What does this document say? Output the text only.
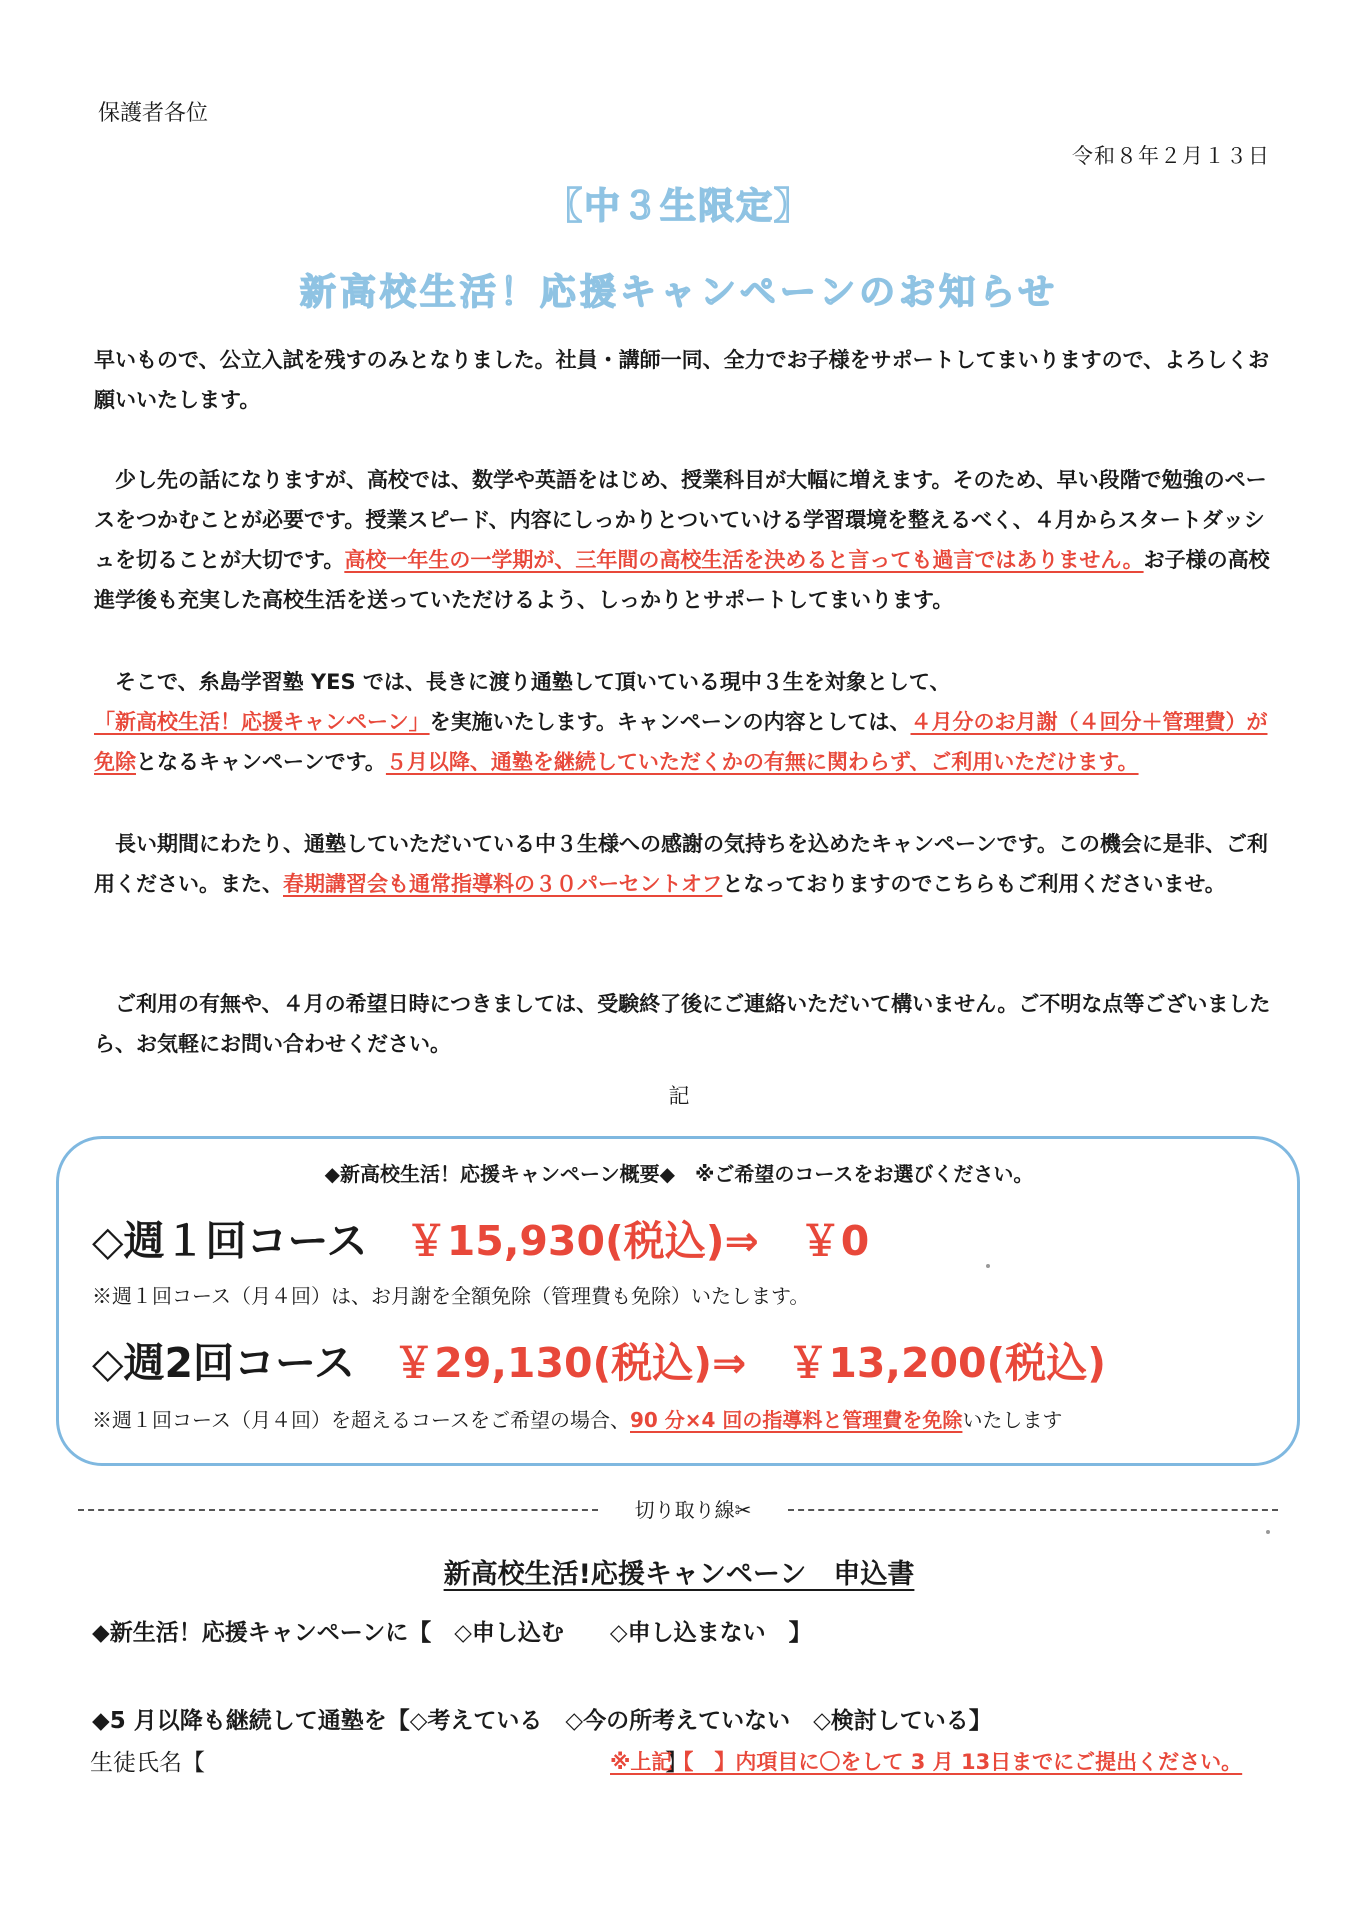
保護者各位
令和８年２月１３日
【中３生限定】
新高校生活！応援キャンペーンのお知らせ
早いもので、公立入試を残すのみとなりました。社員・講師一同、全力でお子様をサポートしてまいりますので、よろしくお願いいたします。
少し先の話になりますが、高校では、数学や英語をはじめ、授業科目が大幅に増えます。そのため、早い段階で勉強のペースをつかむことが必要です。授業スピード、内容にしっかりとついていける学習環境を整えるべく、４月からスタートダッシュを切ることが大切です。高校一年生の一学期が、三年間の高校生活を決めると言っても過言ではありません。お子様の高校進学後も充実した高校生活を送っていただけるよう、しっかりとサポートしてまいります。
そこで、糸島学習塾 YES では、長きに渡り通塾して頂いている現中３生を対象として、「新高校生活！応援キャンペーン」を実施いたします。キャンペーンの内容としては、４月分のお月謝（４回分＋管理費）が免除となるキャンペーンです。５月以降、通塾を継続していただくかの有無に関わらず、ご利用いただけます。
長い期間にわたり、通塾していただいている中３生様への感謝の気持ちを込めたキャンペーンです。この機会に是非、ご利用ください。また、春期講習会も通常指導料の３０パーセントオフとなっておりますのでこちらもご利用くださいませ。
ご利用の有無や、４月の希望日時につきましては、受験終了後にご連絡いただいて構いません。ご不明な点等ございましたら、お気軽にお問い合わせください。
記
◆新高校生活！応援キャンペーン概要◆　※ご希望のコースをお選びください。
◇週１回コース ￥15,930(税込)⇒　￥0
※週１回コース（月４回）は、お月謝を全額免除（管理費も免除）いたします。
◇週2回コース ￥29,130(税込)⇒　￥13,200(税込)
※週１回コース（月４回）を超えるコースをご希望の場合、90 分×4 回の指導料と管理費を免除いたします
切り取り線✂
新高校生活!応援キャンペーン　申込書
◆新生活！応援キャンペーンに【　◇申し込む　　◇申し込まない　】
◆5 月以降も継続して通塾を【◇考えている　◇今の所考えていない　◇検討している】
生徒氏名【　　　　　　　　　　　　　　　　　　　　】
※上記【　】内項目に〇をして 3 月 13日までにご提出ください。
